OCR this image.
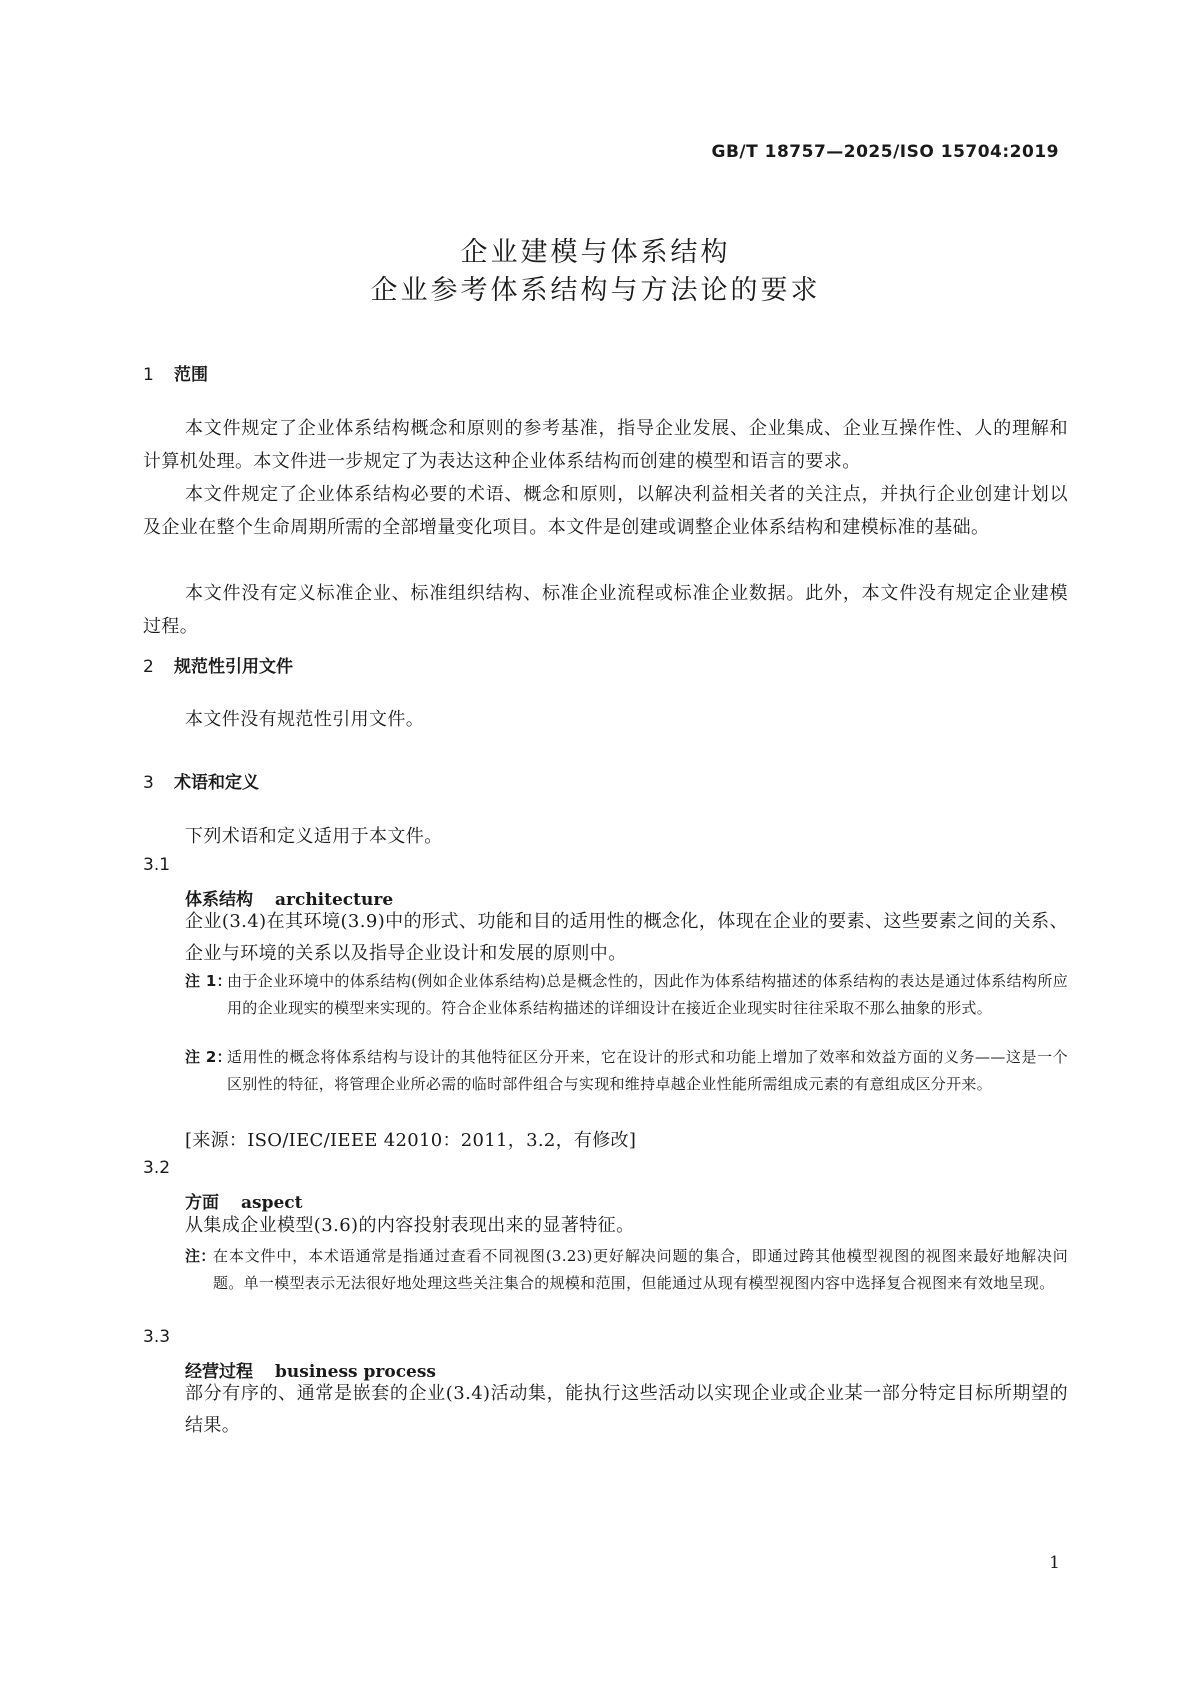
GB/T 18757—2025/ISO 15704:2019
企业建模与体系结构
企业参考体系结构与方法论的要求
1 范围
本文件规定了企业体系结构概念和原则的参考基准，指导企业发展、企业集成、企业互操作性、人的理解和计算机处理。本文件进一步规定了为表达这种企业体系结构而创建的模型和语言的要求。
本文件规定了企业体系结构必要的术语、概念和原则，以解决利益相关者的关注点，并执行企业创建计划以及企业在整个生命周期所需的全部增量变化项目。本文件是创建或调整企业体系结构和建模标准的基础。
本文件没有定义标准企业、标准组织结构、标准企业流程或标准企业数据。此外，本文件没有规定企业建模过程。
2 规范性引用文件
本文件没有规范性引用文件。
3 术语和定义
下列术语和定义适用于本文件。
3.1
体系结构 architecture
企业(3.4)在其环境(3.9)中的形式、功能和目的适用性的概念化，体现在企业的要素、这些要素之间的关系、企业与环境的关系以及指导企业设计和发展的原则中。
注 1：
由于企业环境中的体系结构(例如企业体系结构)总是概念性的，因此作为体系结构描述的体系结构的表达是通过体系结构所应用的企业现实的模型来实现的。符合企业体系结构描述的详细设计在接近企业现实时往往采取不那么抽象的形式。
注 2：
适用性的概念将体系结构与设计的其他特征区分开来，它在设计的形式和功能上增加了效率和效益方面的义务——这是一个区别性的特征，将管理企业所必需的临时部件组合与实现和维持卓越企业性能所需组成元素的有意组成区分开来。
[来源：ISO/IEC/IEEE 42010：2011，3.2，有修改]
3.2
方面 aspect
从集成企业模型(3.6)的内容投射表现出来的显著特征。
注：
在本文件中，本术语通常是指通过查看不同视图(3.23)更好解决问题的集合，即通过跨其他模型视图的视图来最好地解决问题。单一模型表示无法很好地处理这些关注集合的规模和范围，但能通过从现有模型视图内容中选择复合视图来有效地呈现。
3.3
经营过程 business process
部分有序的、通常是嵌套的企业(3.4)活动集，能执行这些活动以实现企业或企业某一部分特定目标所期望的结果。
1
